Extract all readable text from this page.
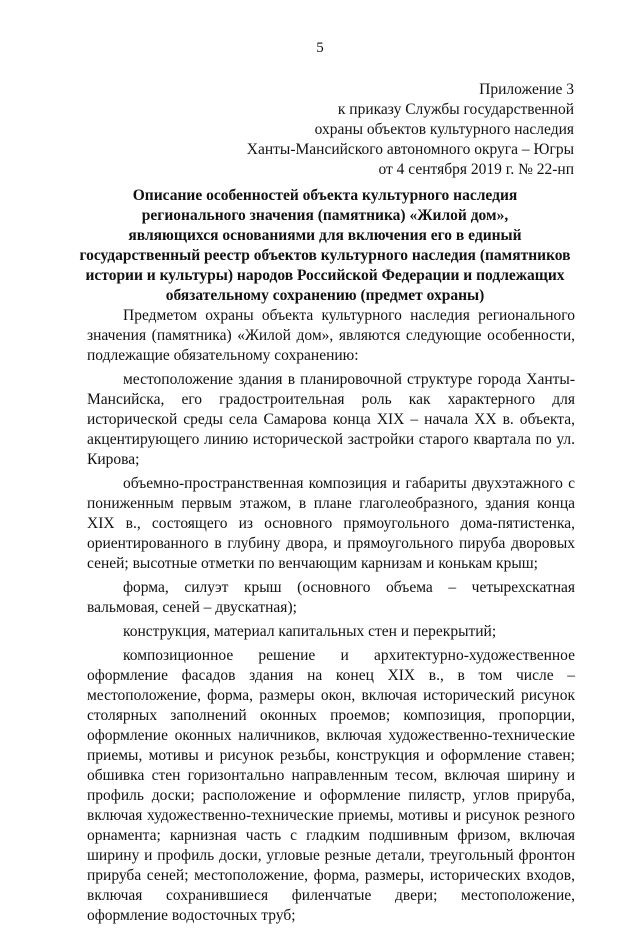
5
Приложение 3
к приказу Службы государственной
охраны объектов культурного наследия
Ханты-Мансийского автономного округа – Югры
от 4 сентября 2019 г. № 22-нп
Описание особенностей объекта культурного наследия
регионального значения (памятника) «Жилой дом»,
являющихся основаниями для включения его в единый
государственный реестр объектов культурного наследия (памятников
истории и культуры) народов Российской Федерации и подлежащих
обязательному сохранению (предмет охраны)

Предметом охраны объекта культурного наследия регионального значения (памятника) «Жилой дом», являются следующие особенности, подлежащие обязательному сохранению:

местоположение здания в планировочной структуре города Ханты-Мансийска, его градостроительная роль как характерного для исторической среды села Самарова конца XIX – начала XX в. объекта, акцентирующего линию исторической застройки старого квартала по ул. Кирова;

объемно-пространственная композиция и габариты двухэтажного с пониженным первым этажом, в плане глаголеобразного, здания конца XIX в., состоящего из основного прямоугольного дома-пятистенка, ориентированного в глубину двора, и прямоугольного пируба дворовых сеней; высотные отметки по венчающим карнизам и конькам крыш;

форма, силуэт крыш (основного объема – четырехскатная вальмовая, сеней – двускатная);

конструкция, материал капитальных стен и перекрытий;

композиционное решение и архитектурно-художественное оформление фасадов здания на конец XIX в., в том числе – местоположение, форма, размеры окон, включая исторический рисунок столярных заполнений оконных проемов; композиция, пропорции, оформление оконных наличников, включая художественно-технические приемы, мотивы и рисунок резьбы, конструкция и оформление ставен; обшивка стен горизонтально направленным тесом, включая ширину и профиль доски; расположение и оформление пилястр, углов прируба, включая художественно-технические приемы, мотивы и рисунок резного орнамента; карнизная часть с гладким подшивным фризом, включая ширину и профиль доски, угловые резные детали, треугольный фронтон прируба сеней; местоположение, форма, размеры, исторических входов, включая сохранившиеся филенчатые двери; местоположение, оформление водосточных труб;
